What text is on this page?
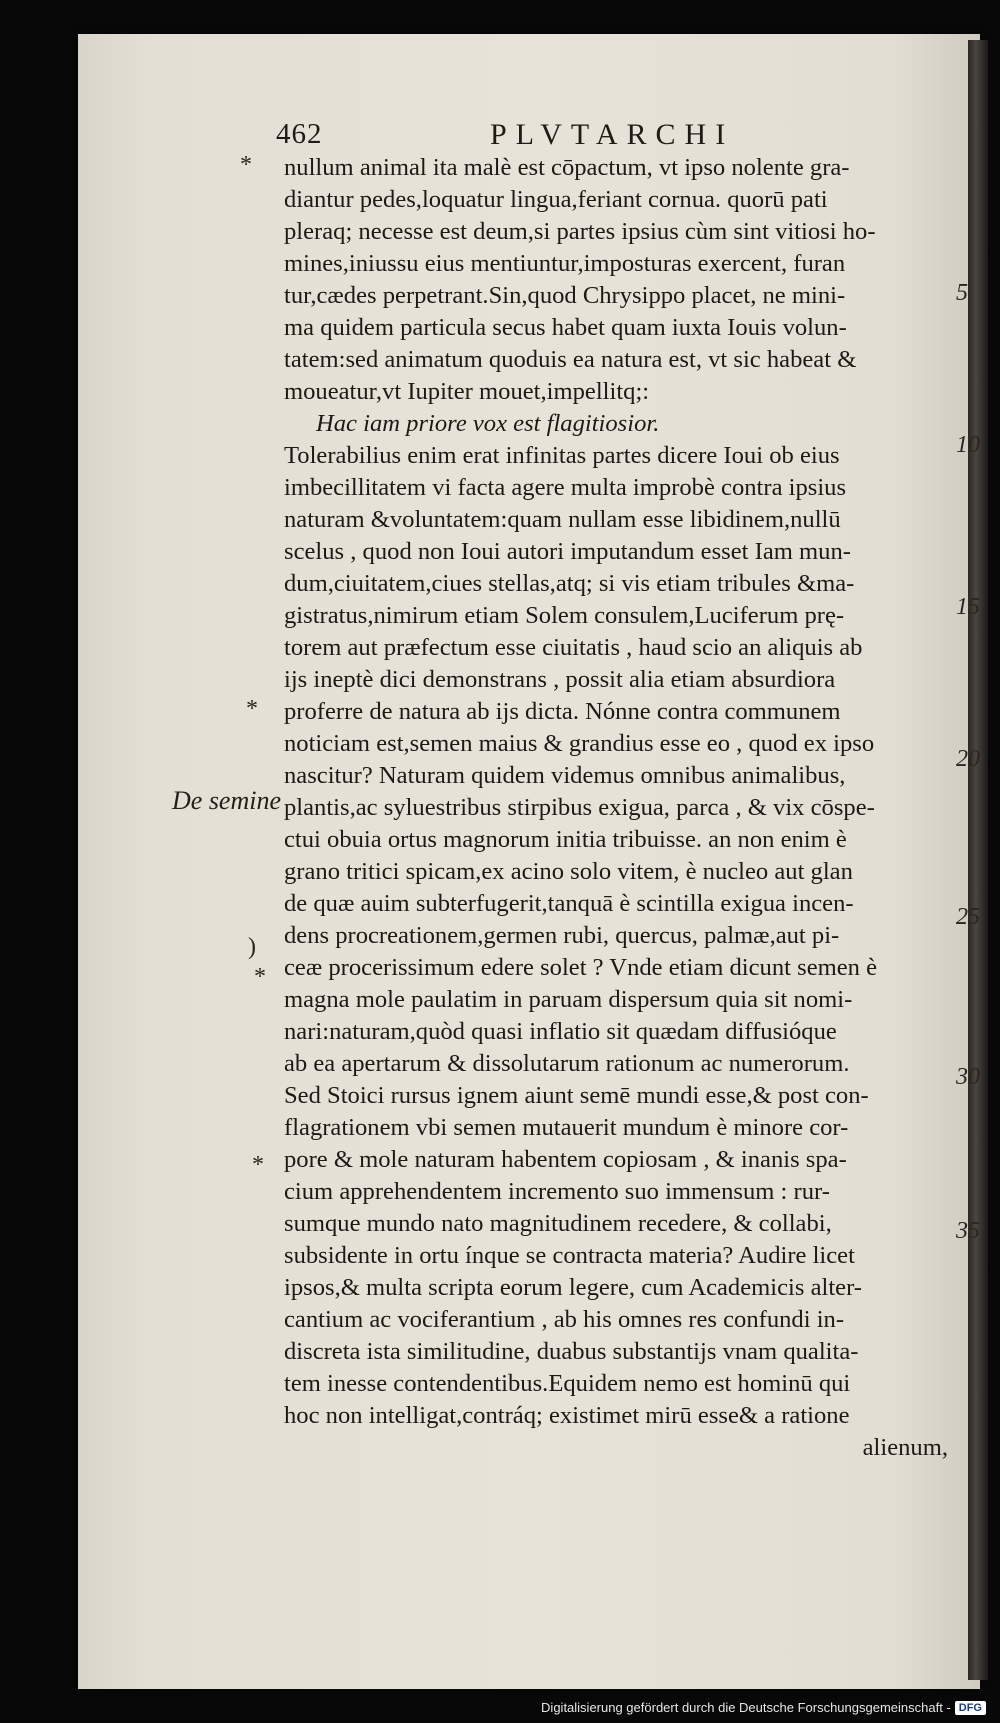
462	PLVTARCHI
De semine
*
*
)
*
*
5
10
15
20
25
30
35
nullum animal ita malè est cōpactum, vt ipso nolente gra-
diantur pedes,loquatur lingua,feriant cornua. quorū pati
pleraq; necesse est deum,si partes ipsius cùm sint vitiosi ho-
mines,iniussu eius mentiuntur,imposturas exercent, furan
tur,cædes perpetrant.Sin,quod Chrysippo placet, ne mini-
ma quidem particula secus habet quam iuxta Iouis volun-
tatem:sed animatum quoduis ea natura est, vt sic habeat &
moueatur,vt Iupiter mouet,impellitq;:
Hac iam priore vox est flagitiosior.
Tolerabilius enim erat infinitas partes dicere Ioui ob eius
imbecillitatem vi facta agere multa improbè contra ipsius
naturam &voluntatem:quam nullam esse libidinem,nullū
scelus , quod non Ioui autori imputandum esset Iam mun-
dum,ciuitatem,ciues stellas,atq; si vis etiam tribules &ma-
gistratus,nimirum etiam Solem consulem,Luciferum prę-
torem aut præfectum esse ciuitatis , haud scio an aliquis ab
ijs ineptè dici demonstrans , possit alia etiam absurdiora
proferre de natura ab ijs dicta. Nónne contra communem
noticiam est,semen maius & grandius esse eo , quod ex ipso
nascitur? Naturam quidem videmus omnibus animalibus,
plantis,ac syluestribus stirpibus exigua, parca , & vix cōspe-
ctui obuia ortus magnorum initia tribuisse. an non enim è
grano tritici spicam,ex acino solo vitem, è nucleo aut glan
de quæ auim subterfugerit,tanquā è scintilla exigua incen-
dens procreationem,germen rubi, quercus, palmæ,aut pi-
ceæ procerissimum edere solet ? Vnde etiam dicunt semen è
magna mole paulatim in paruam dispersum quia sit nomi-
nari:naturam,quòd quasi inflatio sit quædam diffusióque
ab ea apertarum & dissolutarum rationum ac numerorum.
Sed Stoici rursus ignem aiunt semē mundi esse,& post con-
flagrationem vbi semen mutauerit mundum è minore cor-
pore & mole naturam habentem copiosam , & inanis spa-
cium apprehendentem incremento suo immensum : rur-
sumque mundo nato magnitudinem recedere, & collabi,
subsidente in ortu ínque se contracta materia? Audire licet
ipsos,& multa scripta eorum legere, cum Academicis alter-
cantium ac vociferantium , ab his omnes res confundi in-
discreta ista similitudine, duabus substantijs vnam qualita-
tem inesse contendentibus.Equidem nemo est hominū qui
hoc non intelligat,contráq; existimet mirū esse& a ratione
alienum,
Digitalisierung gefördert durch die Deutsche Forschungsgemeinschaft - DFG
